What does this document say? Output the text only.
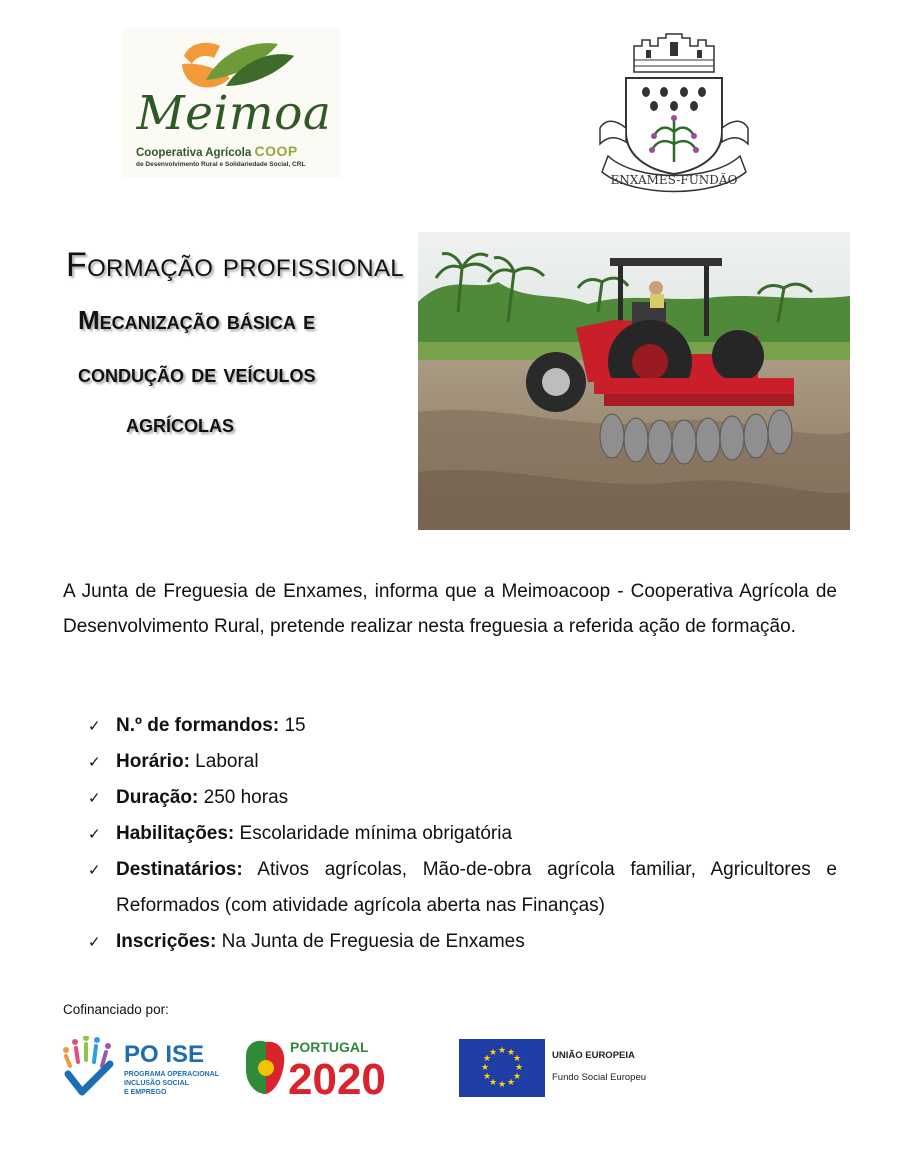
Meimoa
Cooperativa Agrícola COOP
de Desenvolvimento Rural e Solidariedade Social, CRL
ENXAMES-FUNDÃO
Formação profissional
Mecanização básica e
condução de veículos
agrícolas
A Junta de Freguesia de Enxames, informa que a Meimoacoop - Cooperativa Agrícola de Desenvolvimento Rural, pretende realizar nesta freguesia a referida ação de formação.
✓ N.º de formandos: 15
✓ Horário: Laboral
✓ Duração: 250 horas
✓ Habilitações: Escolaridade mínima obrigatória
✓ Destinatários: Ativos agrícolas, Mão-de-obra agrícola familiar, Agricultores e Reformados (com atividade agrícola aberta nas Finanças)
✓ Inscrições: Na Junta de Freguesia de Enxames
Cofinanciado por:
PO ISE
PROGRAMA OPERACIONAL
INCLUSÃO SOCIAL
E EMPREGO
PORTUGAL
2020
★ ★
★
★
★
★
★
★
★
★
★
★	UNIÃO EUROPEIA
Fundo Social Europeu
